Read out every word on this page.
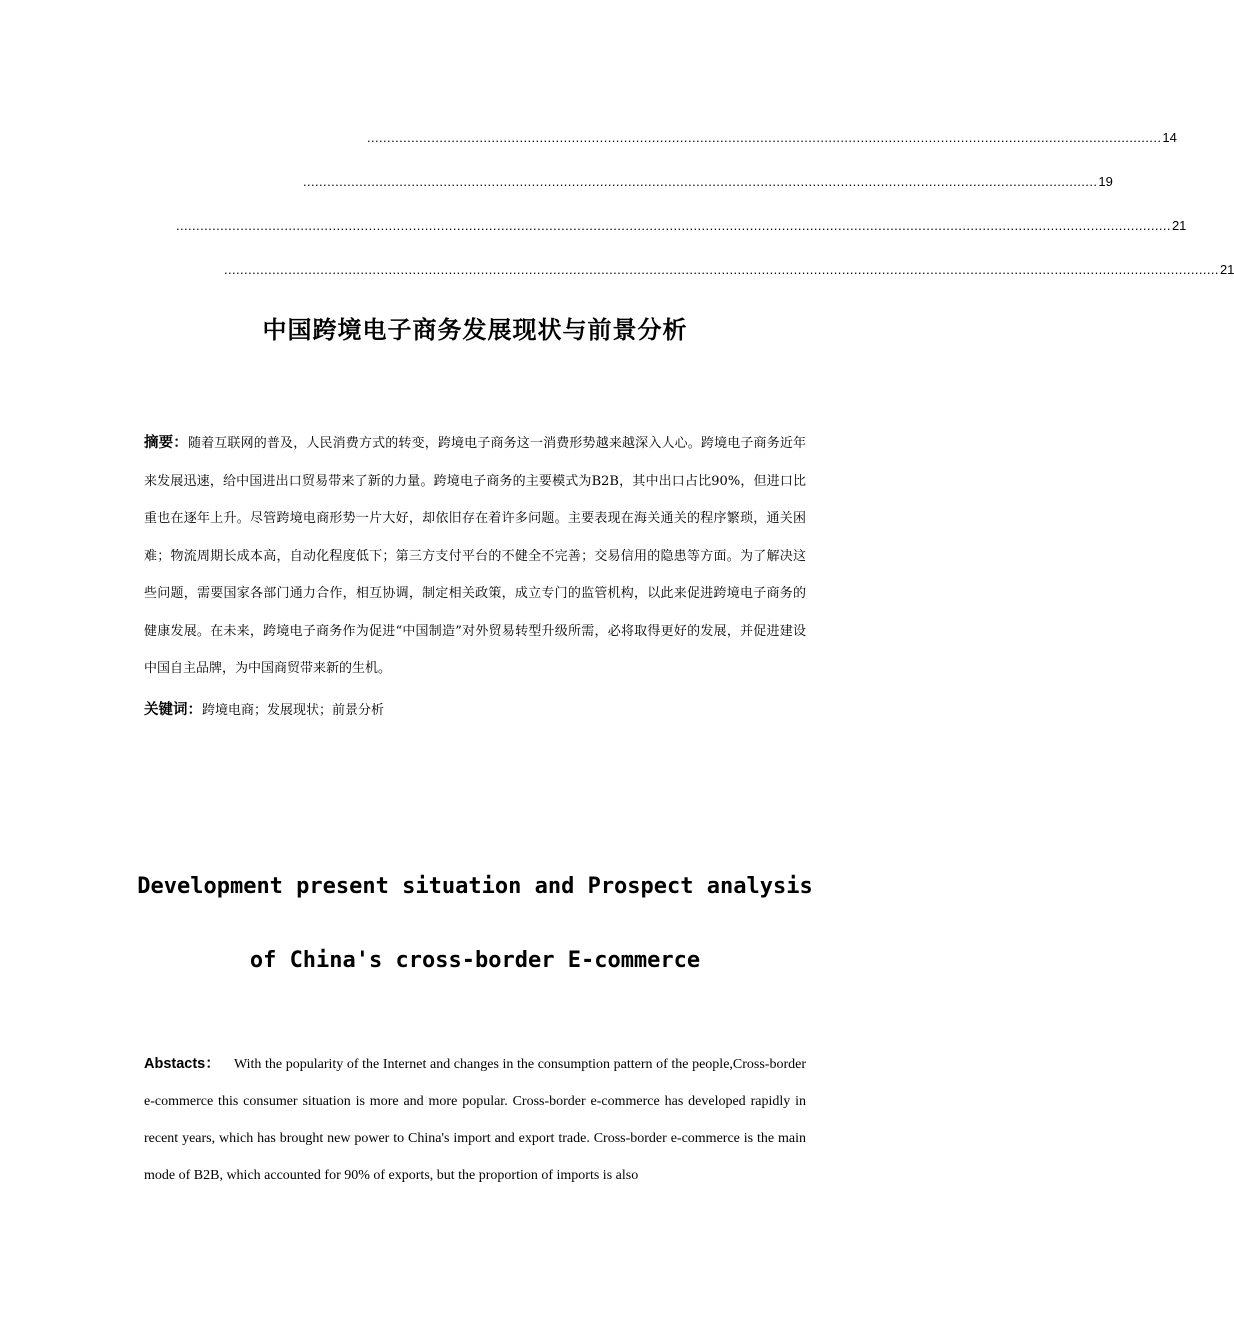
...................................................................................................................................................................................................... 14
...................................................................................................................................................................................................... 19
........................................................................................................................................................................................................................................................ 21
........................................................................................................................................................................................................................................................ 21
中国跨境电子商务发展现状与前景分析
摘要：随着互联网的普及，人民消费方式的转变，跨境电子商务这一消费形势越来越深入人心。跨境电子商务近年来发展迅速，给中国进出口贸易带来了新的力量。跨境电子商务的主要模式为B2B，其中出口占比90%，但进口比重也在逐年上升。尽管跨境电商形势一片大好，却依旧存在着许多问题。主要表现在海关通关的程序繁琐，通关困难；物流周期长成本高，自动化程度低下；第三方支付平台的不健全不完善；交易信用的隐患等方面。为了解决这些问题，需要国家各部门通力合作，相互协调，制定相关政策，成立专门的监管机构，以此来促进跨境电子商务的健康发展。在未来，跨境电子商务作为促进“中国制造”对外贸易转型升级所需，必将取得更好的发展，并促进建设中国自主品牌，为中国商贸带来新的生机。
关键词：跨境电商；发展现状；前景分析
Development present situation and Prospect analysis
of China's cross-border E-commerce
Abstacts： With the popularity of the Internet and changes in the consumption pattern of the people,Cross-border e-commerce this consumer situation is more and more popular. Cross-border e-commerce has developed rapidly in recent years, which has brought new power to China's import and export trade. Cross-border e-commerce is the main mode of B2B, which accounted for 90% of exports, but the proportion of imports is also
